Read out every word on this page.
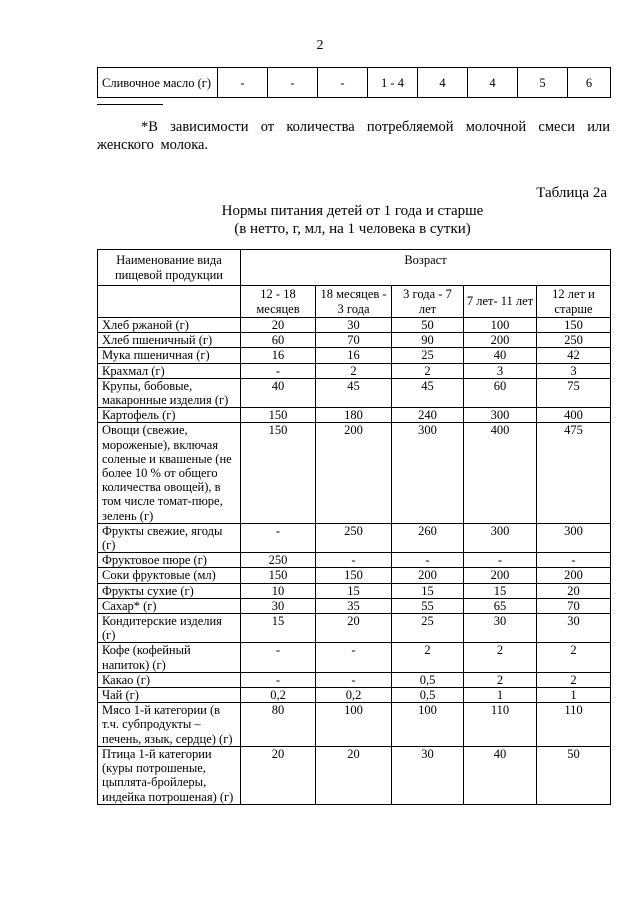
2
Сливочное масло (г)	-	-	-	1 - 4	4	4	5	6
*В зависимости от количества потребляемой молочной смеси или женского молока.
Таблица 2а
Нормы питания детей от 1 года и старше
(в нетто, г, мл, на 1 человека в сутки)
Наименование вида пищевой продукции	Возраст				
	12 - 18 месяцев	18 месяцев - 3 года	3 года - 7 лет	7 лет- 11 лет	12 лет и старше
Хлеб ржаной (г)	20	30	50	100	150
Хлеб пшеничный (г)	60	70	90	200	250
Мука пшеничная (г)	16	16	25	40	42
Крахмал (г)	-	2	2	3	3
Крупы, бобовые, макаронные изделия (г)	40	45	45	60	75
Картофель (г)	150	180	240	300	400
Овощи (свежие, мороженые), включая соленые и квашеные (не более 10 % от общего количества овощей), в том числе томат-пюре, зелень (г)	150	200	300	400	475
Фрукты свежие, ягоды (г)	-	250	260	300	300
Фруктовое пюре (г)	250	-	-	-	-
Соки фруктовые (мл)	150	150	200	200	200
Фрукты сухие (г)	10	15	15	15	20
Сахар* (г)	30	35	55	65	70
Кондитерские изделия (г)	15	20	25	30	30
Кофе (кофейный напиток) (г)	-	-	2	2	2
Какао (г)	-	-	0,5	2	2
Чай (г)	0,2	0,2	0,5	1	1
Мясо 1-й категории (в т.ч. субпродукты – печень, язык, сердце) (г)	80	100	100	110	110
Птица 1-й категории (куры потрошеные, цыплята-бройлеры, индейка потрошеная) (г)	20	20	30	40	50
